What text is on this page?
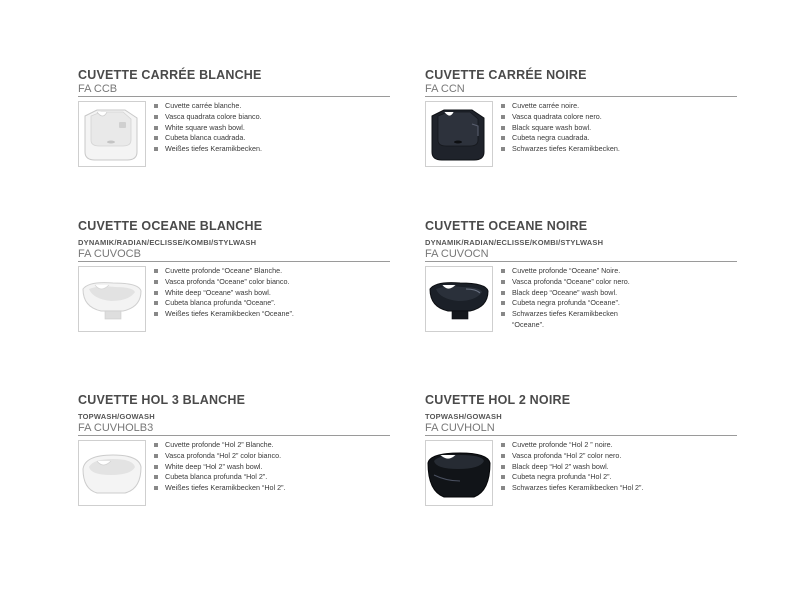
CUVETTE CARRÉE BLANCHE
FA CCB
Cuvette carrée blanche.
Vasca quadrata colore bianco.
White square wash bowl.
Cubeta blanca cuadrada.
Weißes tiefes Keramikbecken.
CUVETTE CARRÉE NOIRE
FA CCN
Cuvette carrée noire.
Vasca quadrata colore nero.
Black square wash bowl.
Cubeta negra cuadrada.
Schwarzes tiefes Keramikbecken.
CUVETTE OCEANE BLANCHE
DYNAMIK/RADIAN/ECLISSE/KOMBI/STYLWASH
FA CUVOCB
Cuvette profonde “Oceane” Blanche.
Vasca profonda “Oceane” color bianco.
White deep “Oceane” wash bowl.
Cubeta blanca profunda “Oceane”.
Weißes tiefes Keramikbecken “Oceane”.
CUVETTE OCEANE NOIRE
DYNAMIK/RADIAN/ECLISSE/KOMBI/STYLWASH
FA CUVOCN
Cuvette profonde “Oceane” Noire.
Vasca profonda “Oceane” color nero.
Black deep “Oceane” wash bowl.
Cubeta negra profunda “Oceane”.
Schwarzes tiefes Keramikbecken “Oceane”.
CUVETTE HOL 3 BLANCHE
TOPWASH/GOWASH
FA CUVHOLB3
Cuvette profonde “Hol 2” Blanche.
Vasca profonda “Hol 2” color bianco.
White deep “Hol 2” wash bowl.
Cubeta blanca profunda “Hol 2”.
Weißes tiefes Keramikbecken “Hol 2”.
CUVETTE HOL 2 NOIRE
TOPWASH/GOWASH
FA CUVHOLN
Cuvette profonde “Hol 2 ” noire.
Vasca profonda “Hol 2” color nero.
Black deep “Hol 2” wash bowl.
Cubeta negra profunda “Hol 2”.
Schwarzes tiefes Keramikbecken “Hol 2”.
